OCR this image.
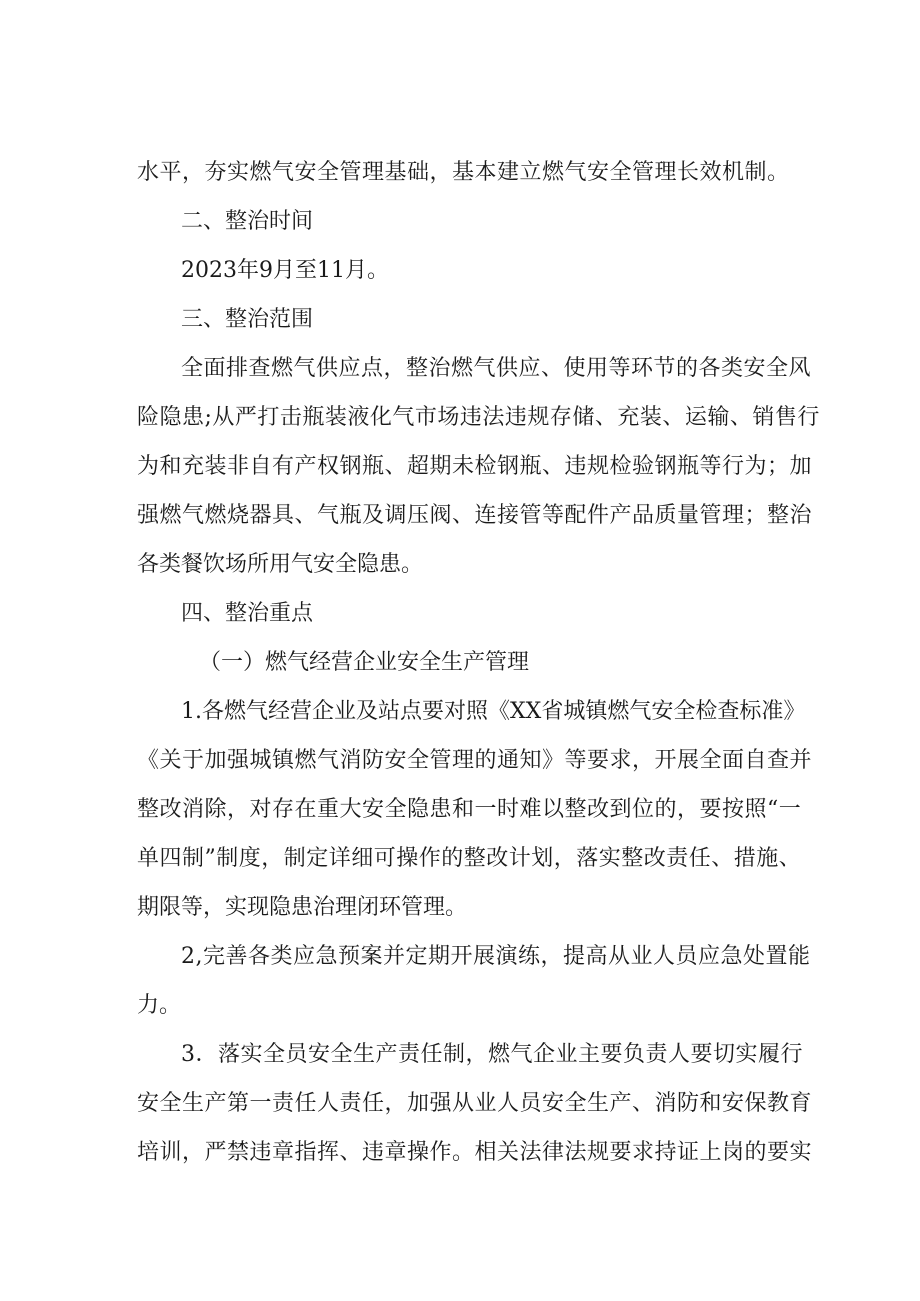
水平，夯实燃气安全管理基础，基本建立燃气安全管理长效机制。
二、整治时间
2023年9月至11月。
三、整治范围
全面排查燃气供应点，整治燃气供应、使用等环节的各类安全风
险隐患;从严打击瓶装液化气市场违法违规存储、充装、运输、销售行
为和充装非自有产权钢瓶、超期未检钢瓶、违规检验钢瓶等行为；加
强燃气燃烧器具、气瓶及调压阀、连接管等配件产品质量管理；整治
各类餐饮场所用气安全隐患。
四、整治重点
（一）燃气经营企业安全生产管理
1.各燃气经营企业及站点要对照《XX省城镇燃气安全检查标准》
《关于加强城镇燃气消防安全管理的通知》等要求，开展全面自查并
整改消除，对存在重大安全隐患和一时难以整改到位的，要按照“一
单四制”制度，制定详细可操作的整改计划，落实整改责任、措施、
期限等，实现隐患治理闭环管理。
2,完善各类应急预案并定期开展演练，提高从业人员应急处置能
力。
3．落实全员安全生产责任制，燃气企业主要负责人要切实履行
安全生产第一责任人责任，加强从业人员安全生产、消防和安保教育
培训，严禁违章指挥、违章操作。相关法律法规要求持证上岗的要实
